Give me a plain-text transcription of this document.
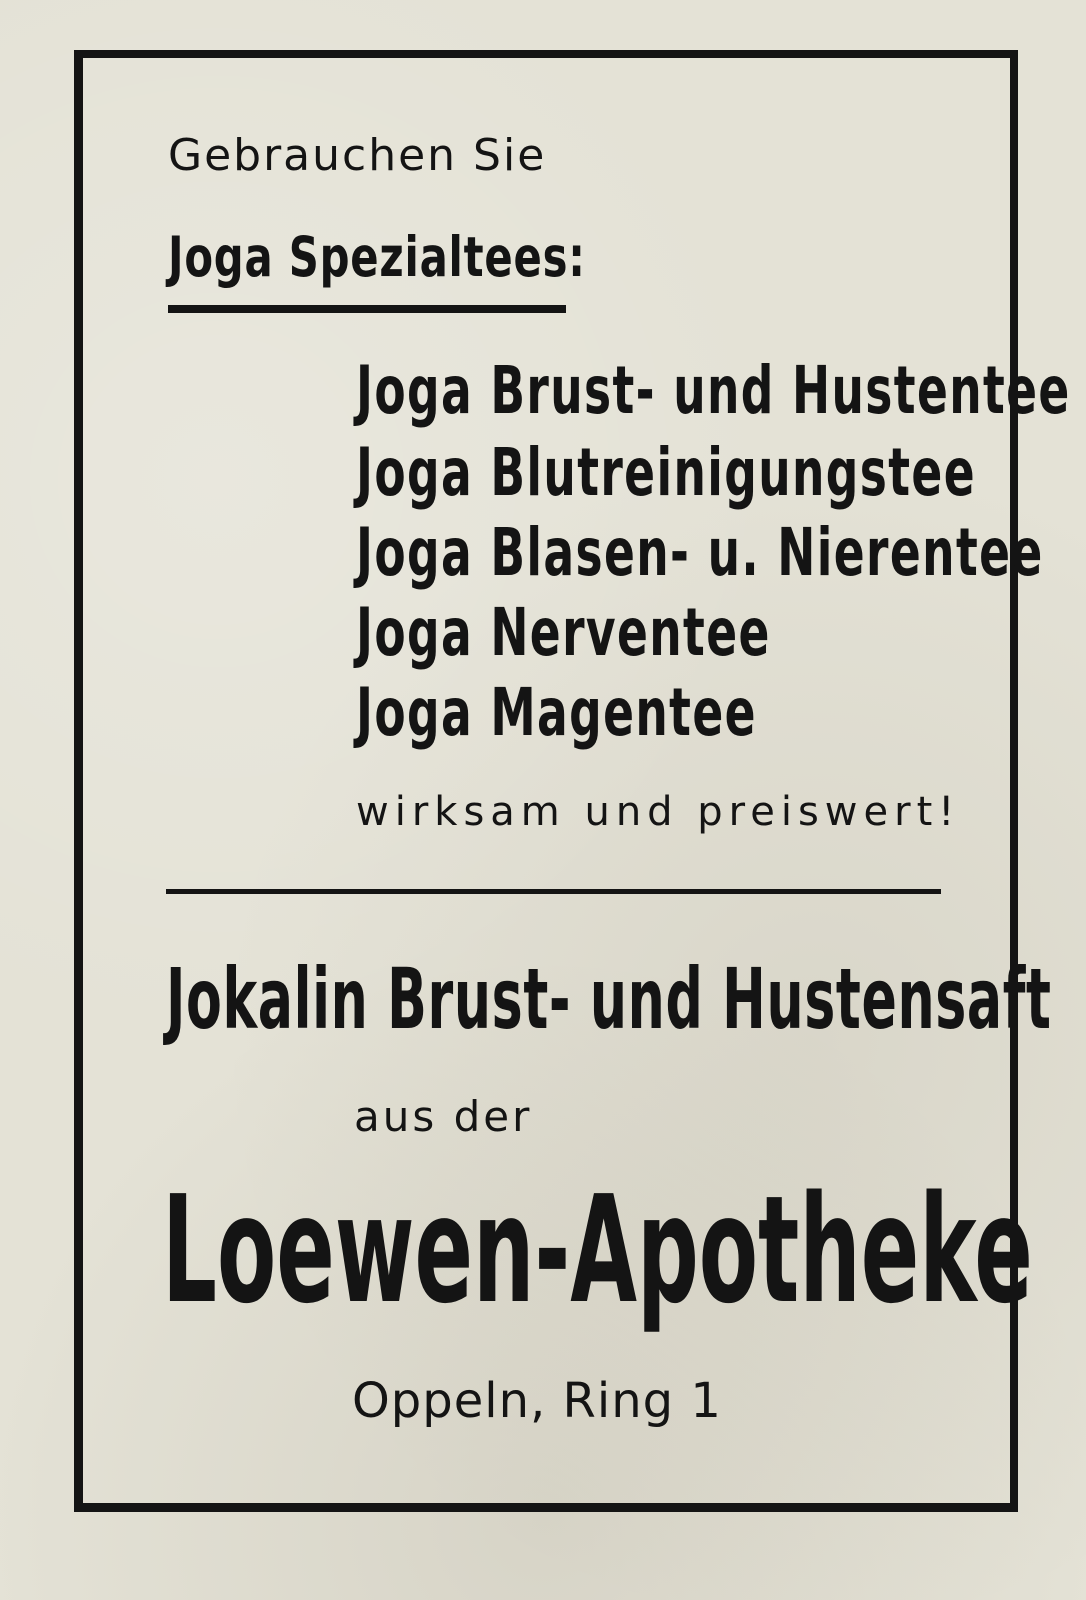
Gebrauchen Sie
Joga Spezialtees:
Joga Brust- und Hustentee
Joga Blutreinigungstee
Joga Blasen- u. Nierentee
Joga Nerventee
Joga Magentee
wirksam und preiswert!
Jokalin Brust- und Hustensaft
aus der
Loewen-Apotheke
Oppeln, Ring 1
